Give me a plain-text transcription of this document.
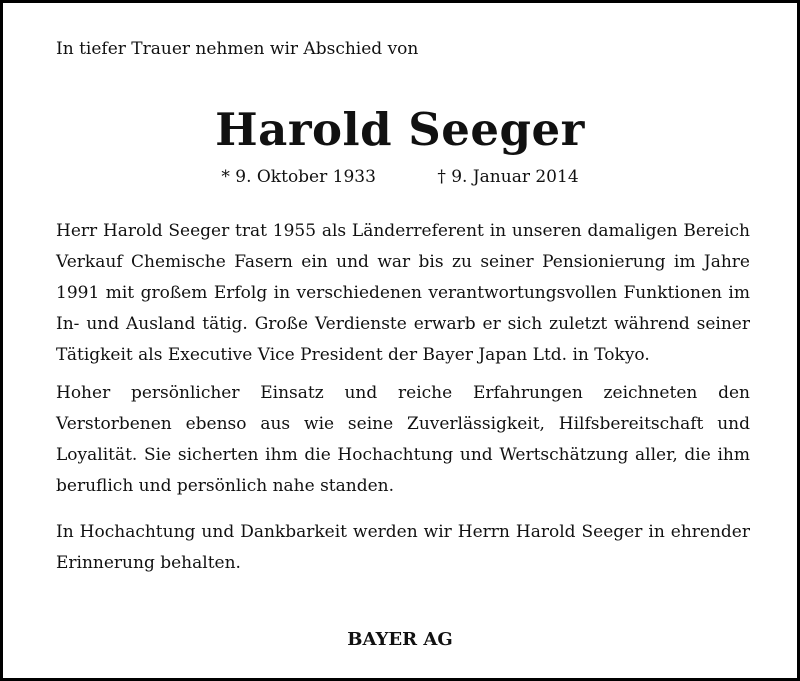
In tiefer Trauer nehmen wir Abschied von
Harold Seeger
* 9. Oktober 1933	† 9. Januar 2014

Herr Harold Seeger trat 1955 als Länderreferent in unseren damaligen Bereich Verkauf Chemische Fasern ein und war bis zu seiner Pensionierung im Jahre 1991 mit großem Erfolg in verschiedenen verantwortungsvollen Funktionen im In- und Ausland tätig. Große Verdienste erwarb er sich zuletzt während seiner Tätigkeit als Executive Vice President der Bayer Japan Ltd. in Tokyo.

Hoher persönlicher Einsatz und reiche Erfahrungen zeichneten den Verstorbenen ebenso aus wie seine Zuverlässigkeit, Hilfsbereitschaft und Loyalität. Sie sicherten ihm die Hochachtung und Wertschätzung aller, die ihm beruflich und persönlich nahe standen.

In Hochachtung und Dankbarkeit werden wir Herrn Harold Seeger in ehrender Erinnerung behalten.

BAYER AG
